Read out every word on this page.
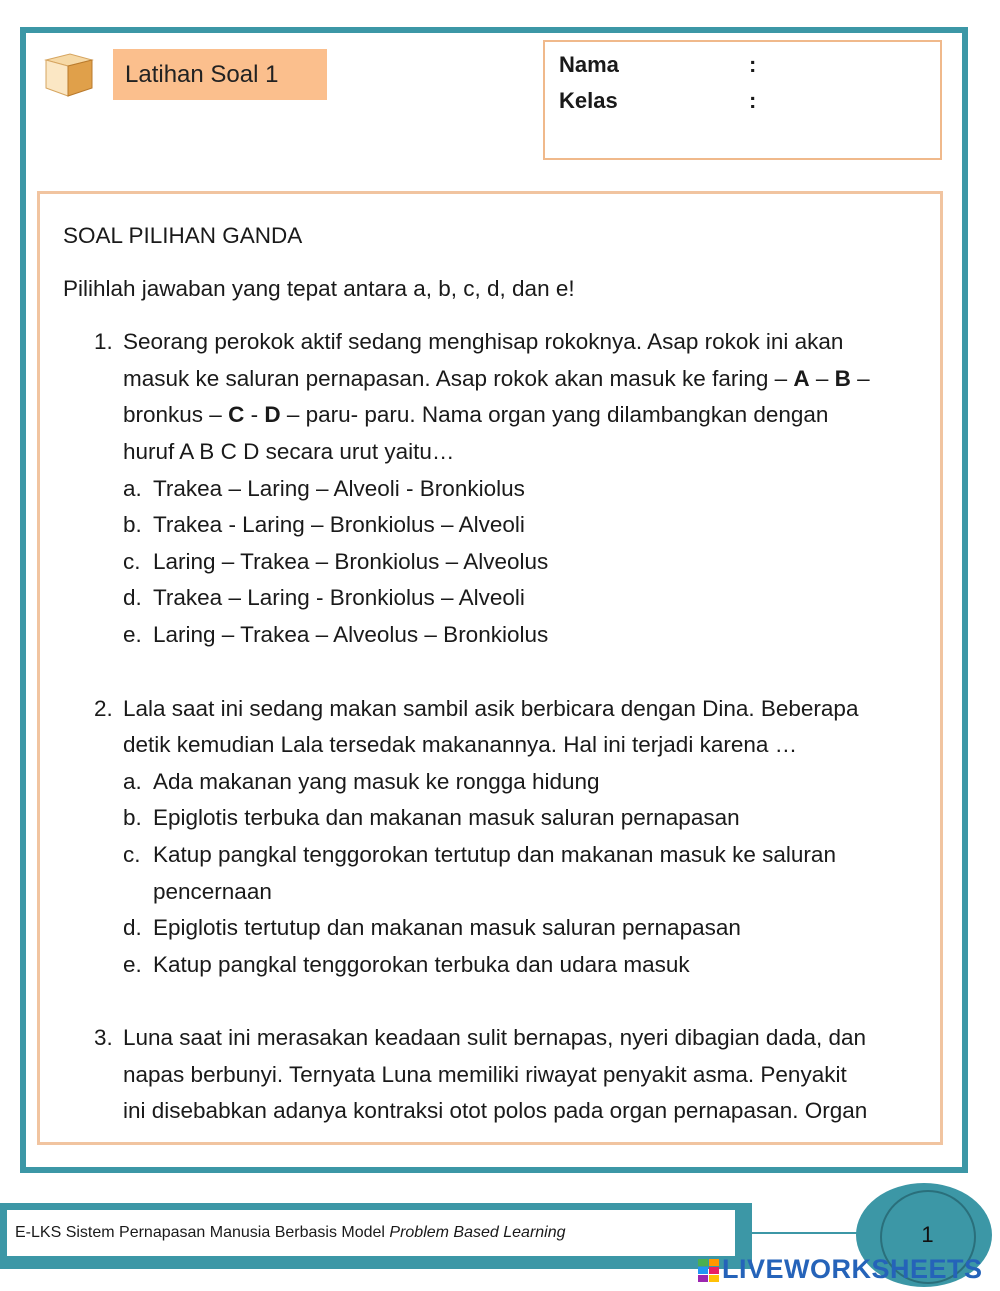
Latihan Soal 1	Nama	:
Kelas	:
SOAL PILIHAN GANDA
Pilihlah jawaban yang tepat antara a, b, c, d, dan e!
1. Seorang perokok aktif sedang menghisap rokoknya. Asap rokok ini akan
masuk ke saluran pernapasan. Asap rokok akan masuk ke faring – A – B –
bronkus – C - D – paru- paru. Nama organ yang dilambangkan dengan
huruf A B C D secara urut yaitu…
a. Trakea – Laring – Alveoli - Bronkiolus
b. Trakea - Laring – Bronkiolus – Alveoli
c. Laring – Trakea – Bronkiolus – Alveolus
d. Trakea – Laring - Bronkiolus – Alveoli
e. Laring – Trakea – Alveolus – Bronkiolus
2. Lala saat ini sedang makan sambil asik berbicara dengan Dina. Beberapa
detik kemudian Lala tersedak makanannya. Hal ini terjadi karena …
a. Ada makanan yang masuk ke rongga hidung
b. Epiglotis terbuka dan makanan masuk saluran pernapasan
c. Katup pangkal tenggorokan tertutup dan makanan masuk ke saluran
pencernaan
d. Epiglotis tertutup dan makanan masuk saluran pernapasan
e. Katup pangkal tenggorokan terbuka dan udara masuk
3. Luna saat ini merasakan keadaan sulit bernapas, nyeri dibagian dada, dan
napas berbunyi. Ternyata Luna memiliki riwayat penyakit asma. Penyakit
ini disebabkan adanya kontraksi otot polos pada organ pernapasan. Organ
E-LKS Sistem Pernapasan Manusia Berbasis Model Problem Based Learning	1
LIVEWORKSHEETS
